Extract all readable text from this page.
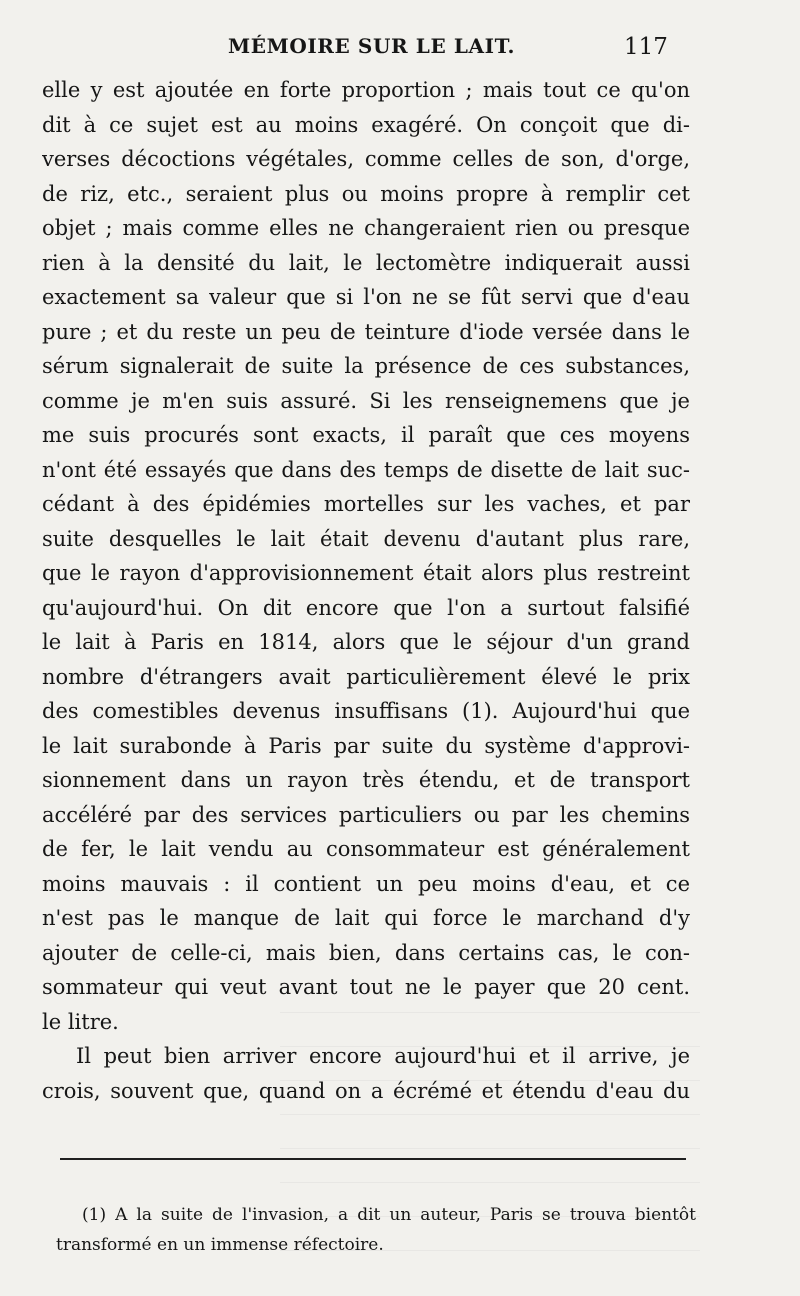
MÉMOIRE SUR LE LAIT.	117
elle y est ajoutée en forte proportion ; mais tout ce qu'on
dit à ce sujet est au moins exagéré. On conçoit que di-
verses décoctions végétales, comme celles de son, d'orge,
de riz, etc., seraient plus ou moins propre à remplir cet
objet ; mais comme elles ne changeraient rien ou presque
rien à la densité du lait, le lectomètre indiquerait aussi
exactement sa valeur que si l'on ne se fût servi que d'eau
pure ; et du reste un peu de teinture d'iode versée dans le
sérum signalerait de suite la présence de ces substances,
comme je m'en suis assuré. Si les renseignemens que je
me suis procurés sont exacts, il paraît que ces moyens
n'ont été essayés que dans des temps de disette de lait suc-
cédant à des épidémies mortelles sur les vaches, et par
suite desquelles le lait était devenu d'autant plus rare,
que le rayon d'approvisionnement était alors plus restreint
qu'aujourd'hui. On dit encore que l'on a surtout falsifié
le lait à Paris en 1814, alors que le séjour d'un grand
nombre d'étrangers avait particulièrement élevé le prix
des comestibles devenus insuffisans (1). Aujourd'hui que
le lait surabonde à Paris par suite du système d'approvi-
sionnement dans un rayon très étendu, et de transport
accéléré par des services particuliers ou par les chemins
de fer, le lait vendu au consommateur est généralement
moins mauvais : il contient un peu moins d'eau, et ce
n'est pas le manque de lait qui force le marchand d'y
ajouter de celle-ci, mais bien, dans certains cas, le con-
sommateur qui veut avant tout ne le payer que 20 cent.
le litre.
Il peut bien arriver encore aujourd'hui et il arrive, je
crois, souvent que, quand on a écrémé et étendu d'eau du
(1) A la suite de l'invasion, a dit un auteur, Paris se trouva bientôt
transformé en un immense réfectoire.
